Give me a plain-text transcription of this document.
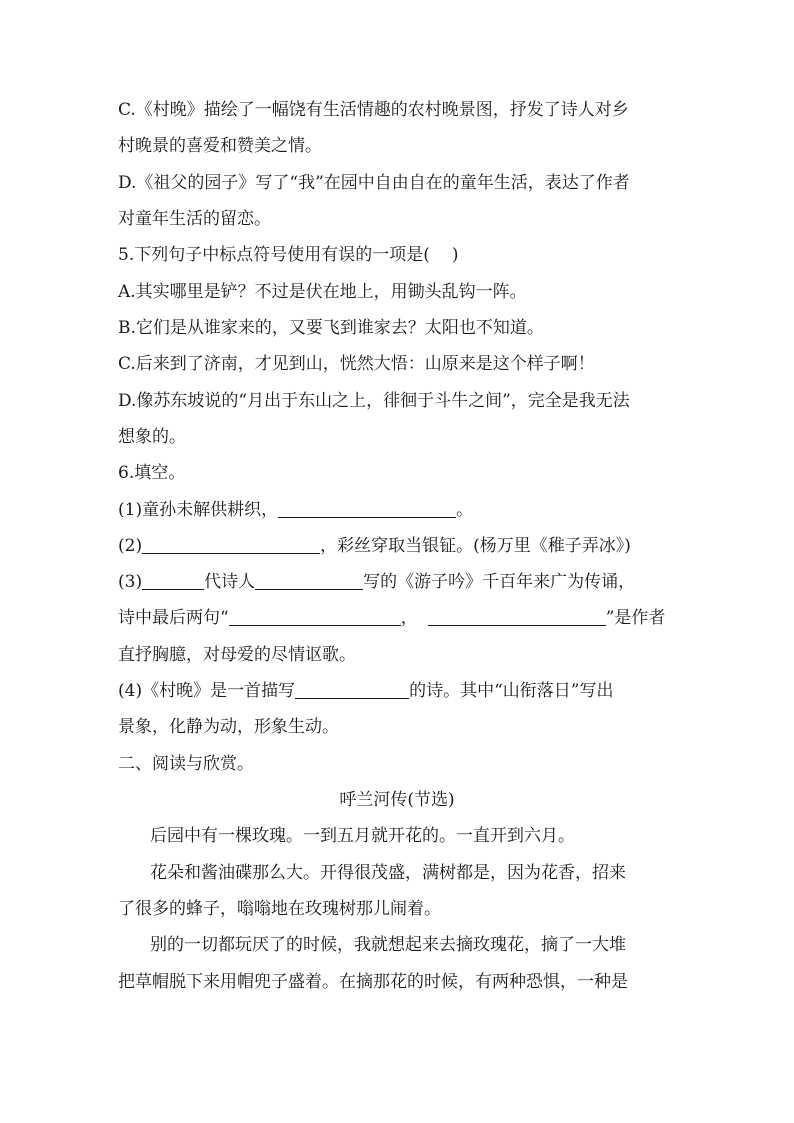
C.《村晚》描绘了一幅饶有生活情趣的农村晚景图，抒发了诗人对乡
村晚景的喜爱和赞美之情。
D.《祖父的园子》写了“我”在园中自由自在的童年生活，表达了作者
对童年生活的留恋。
5.下列句子中标点符号使用有误的一项是( )
A.其实哪里是铲？不过是伏在地上，用锄头乱钩一阵。
B.它们是从谁家来的，又要飞到谁家去？太阳也不知道。
C.后来到了济南，才见到山，恍然大悟：山原来是这个样子啊！
D.像苏东坡说的“月出于东山之上，徘徊于斗牛之间”，完全是我无法
想象的。
6.填空。
(1)童孙未解供耕织，	。
(2)	，彩丝穿取当银钲。(杨万里《稚子弄冰》)
(3)	代诗人	写的《游子吟》千百年来广为传诵，
诗中最后两句“	，	”是作者
直抒胸臆，对母爱的尽情讴歌。
(4)《村晚》是一首描写	的诗。其中“山衔落日”写出
景象，化静为动，形象生动。
二、阅读与欣赏。
呼兰河传(节选)
后园中有一棵玫瑰。一到五月就开花的。一直开到六月。
花朵和酱油碟那么大。开得很茂盛，满树都是，因为花香，招来
了很多的蜂子，嗡嗡地在玫瑰树那儿闹着。
别的一切都玩厌了的时候，我就想起来去摘玫瑰花，摘了一大堆
把草帽脱下来用帽兜子盛着。在摘那花的时候，有两种恐惧，一种是
